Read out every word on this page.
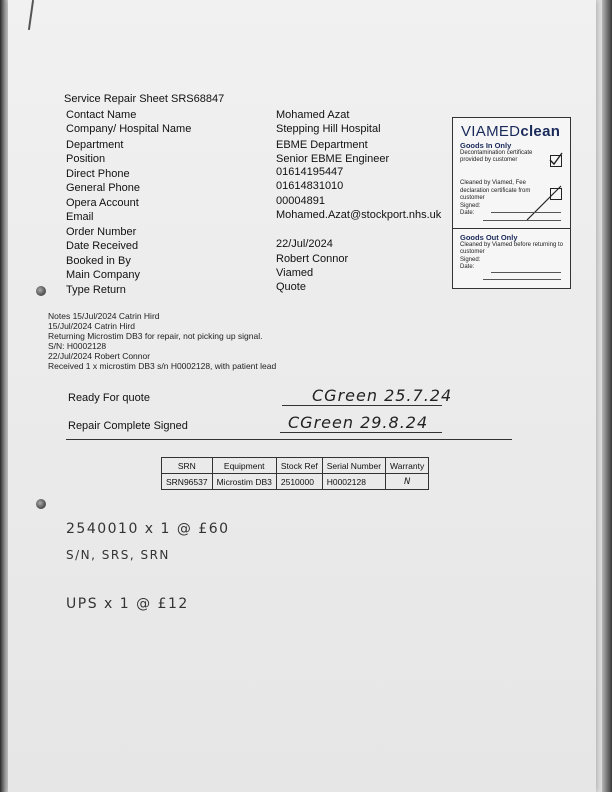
Service Repair Sheet SRS68847
Contact Name	Mohamed Azat
Company/ Hospital Name	Stepping Hill Hospital
Department	EBME Department
Position	Senior EBME Engineer
Direct Phone	01614195447
General Phone	01614831010
Opera Account	00004891
Email	Mohamed.Azat@stockport.nhs.uk
Order Number
Date Received	22/Jul/2024
Booked in By	Robert Connor
Main Company	Viamed
Type Return	Quote
VIAMEDclean
Goods In Only
Decontamination certificate provided by customer
Cleaned by Viamed, Fee declaration certificate from customer
Signed:
Date:
Goods Out Only
Cleaned by Viamed before returning to customer
Signed:
Date:
Notes 15/Jul/2024 Catrin Hird
15/Jul/2024 Catrin Hird
Returning Microstim DB3 for repair, not picking up signal.
S/N: H0002128
22/Jul/2024 Robert Connor
Received 1 x microstim DB3 s/n H0002128, with patient lead
Ready For quote	CGreen 25.7.24
Repair Complete Signed	CGreen 29.8.24
SRN	Equipment	Stock Ref	Serial Number	Warranty
SRN96537	Microstim DB3	2510000	H0002128	N
2540010 x 1 @ £60
S/N, SRS, SRN
UPS x 1 @ £12
